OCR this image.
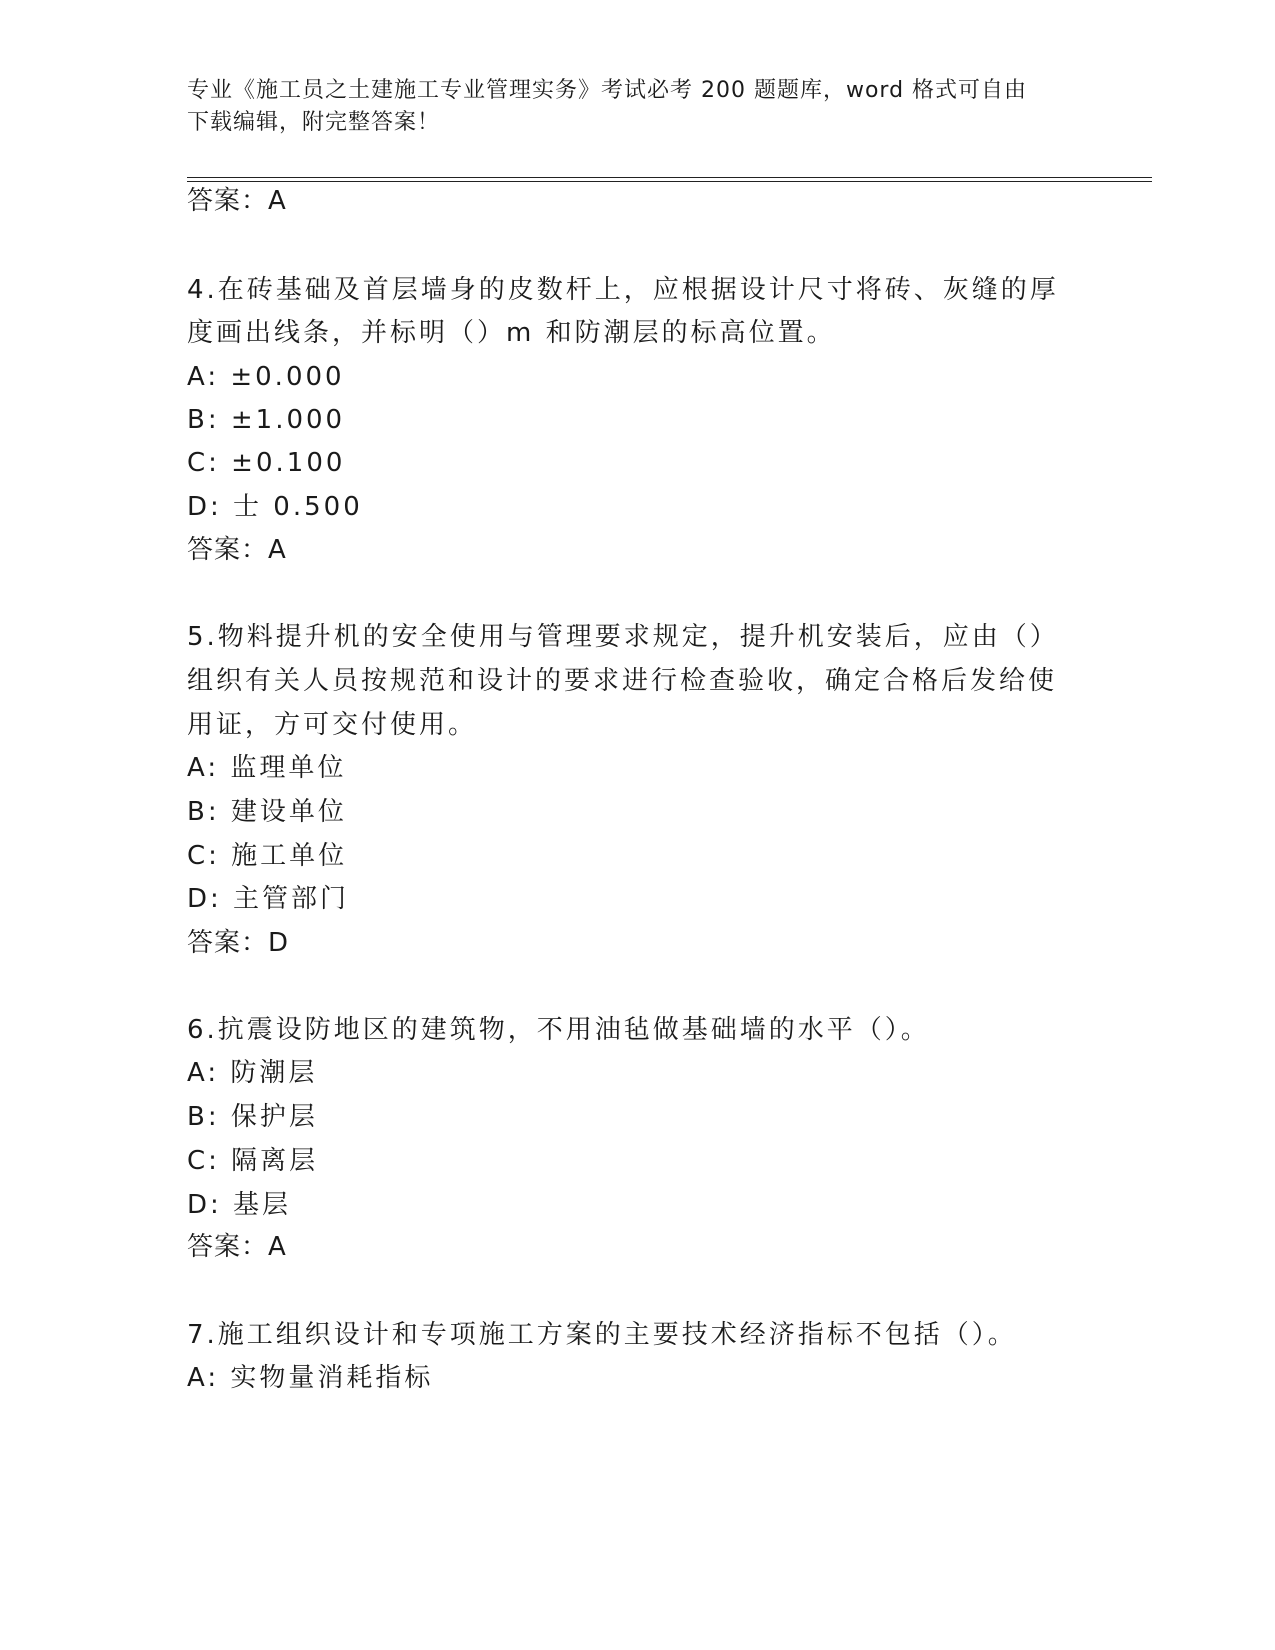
专业《施工员之土建施工专业管理实务》考试必考 200 题题库，word 格式可自由
下载编辑，附完整答案！
答案：A
4.在砖基础及首层墙身的皮数杆上，应根据设计尺寸将砖、灰缝的厚
度画出线条，并标明（）m 和防潮层的标高位置。
A: ±0.000
B: ±1.000
C: ±0.100
D: 士 0.500
答案：A
5.物料提升机的安全使用与管理要求规定，提升机安装后，应由（）
组织有关人员按规范和设计的要求进行检查验收，确定合格后发给使
用证，方可交付使用。
A: 监理单位
B: 建设单位
C: 施工单位
D: 主管部门
答案：D
6.抗震设防地区的建筑物，不用油毡做基础墙的水平（）。
A: 防潮层
B: 保护层
C: 隔离层
D: 基层
答案：A
7.施工组织设计和专项施工方案的主要技术经济指标不包括（）。
A: 实物量消耗指标
